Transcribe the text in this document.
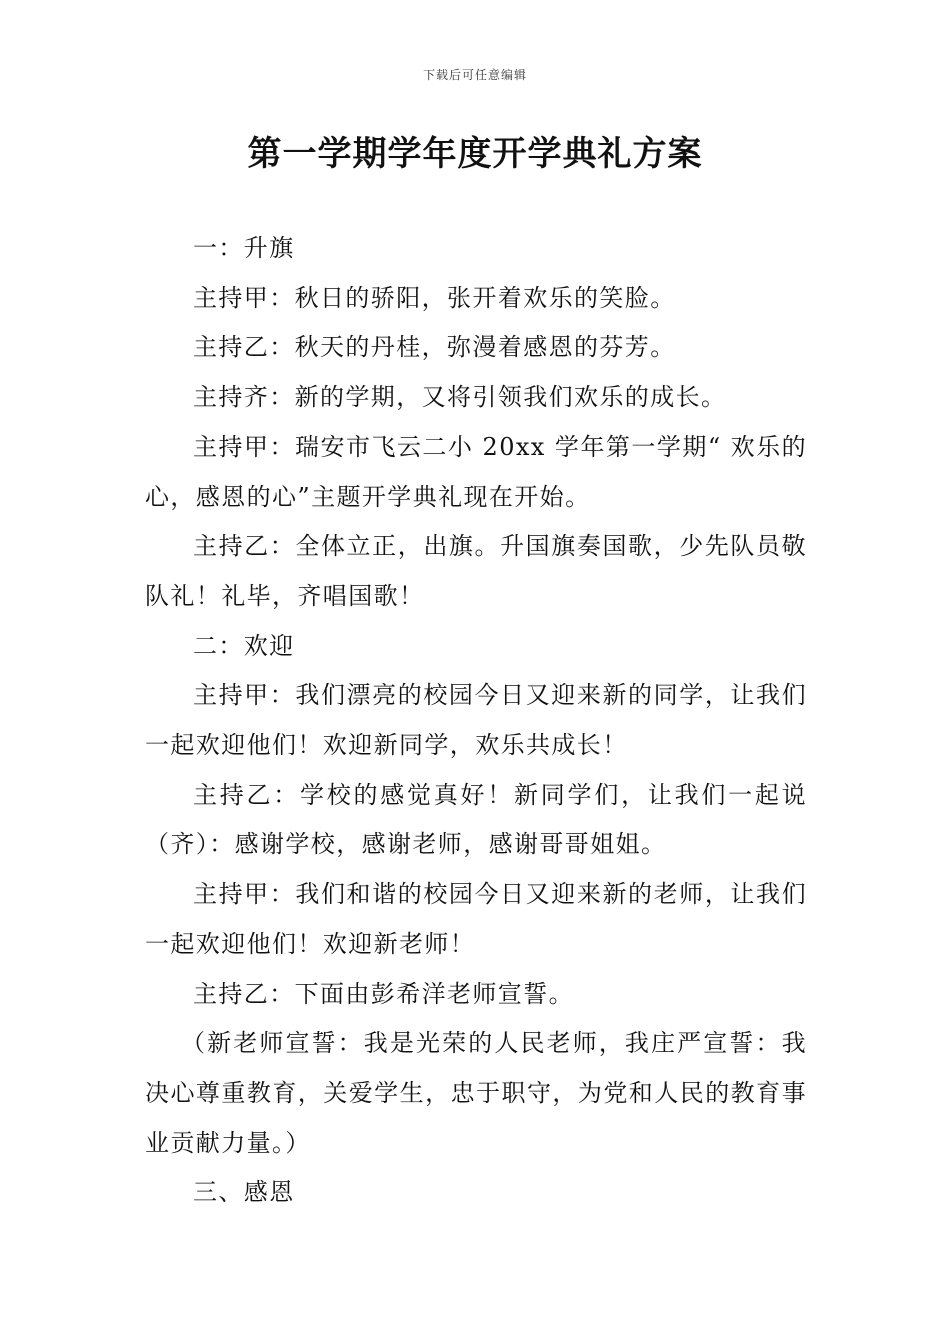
下载后可任意编辑
第一学期学年度开学典礼方案

一：升旗

主持甲：秋日的骄阳，张开着欢乐的笑脸。

主持乙：秋天的丹桂，弥漫着感恩的芬芳。

主持齐：新的学期，又将引领我们欢乐的成长。

主持甲：瑞安市飞云二小 20xx 学年第一学期“ 欢乐的心，感恩的心”主题开学典礼现在开始。

主持乙：全体立正，出旗。升国旗奏国歌，少先队员敬队礼！礼毕，齐唱国歌！

二：欢迎

主持甲：我们漂亮的校园今日又迎来新的同学，让我们一起欢迎他们！欢迎新同学，欢乐共成长！

主持乙：学校的感觉真好！新同学们，让我们一起说（齐）：感谢学校，感谢老师，感谢哥哥姐姐。

主持甲：我们和谐的校园今日又迎来新的老师，让我们一起欢迎他们！欢迎新老师！

主持乙：下面由彭希洋老师宣誓。

（新老师宣誓：我是光荣的人民老师，我庄严宣誓：我决心尊重教育，关爱学生，忠于职守，为党和人民的教育事业贡献力量。）

三、感恩
